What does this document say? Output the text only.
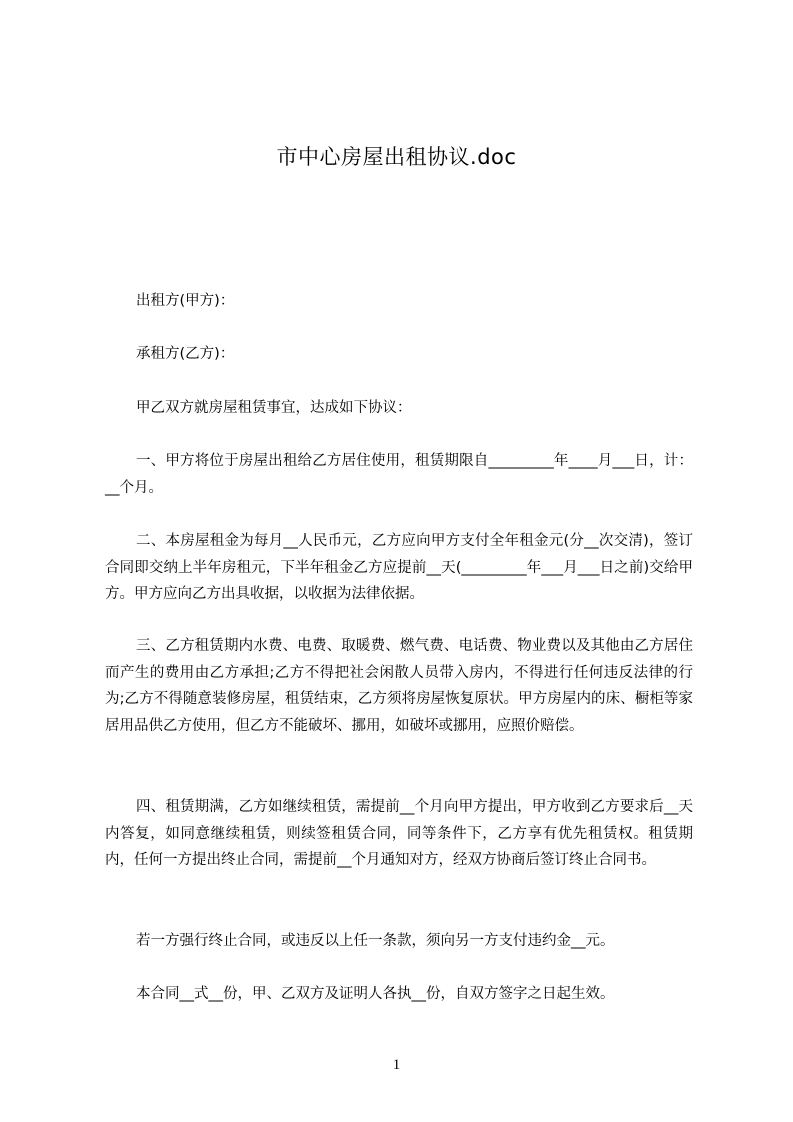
市中心房屋出租协议.doc

出租方(甲方)：

承租方(乙方)：

甲乙双方就房屋租赁事宜，达成如下协议：

一、甲方将位于房屋出租给乙方居住使用，租赁期限自_________年____月___日，计：__个月。

二、本房屋租金为每月__人民币元，乙方应向甲方支付全年租金元(分__次交清)，签订合同即交纳上半年房租元，下半年租金乙方应提前__天(_________年___月___日之前)交给甲方。甲方应向乙方出具收据，以收据为法律依据。

三、乙方租赁期内水费、电费、取暖费、燃气费、电话费、物业费以及其他由乙方居住而产生的费用由乙方承担;乙方不得把社会闲散人员带入房内，不得进行任何违反法律的行为;乙方不得随意装修房屋，租赁结束，乙方须将房屋恢复原状。甲方房屋内的床、橱柜等家居用品供乙方使用，但乙方不能破坏、挪用，如破坏或挪用，应照价赔偿。

四、租赁期满，乙方如继续租赁，需提前__个月向甲方提出，甲方收到乙方要求后__天内答复，如同意继续租赁，则续签租赁合同，同等条件下，乙方享有优先租赁权。租赁期内，任何一方提出终止合同，需提前__个月通知对方，经双方协商后签订终止合同书。

若一方强行终止合同，或违反以上任一条款，须向另一方支付违约金__元。

本合同__式__份，甲、乙双方及证明人各执__份，自双方签字之日起生效。

1
